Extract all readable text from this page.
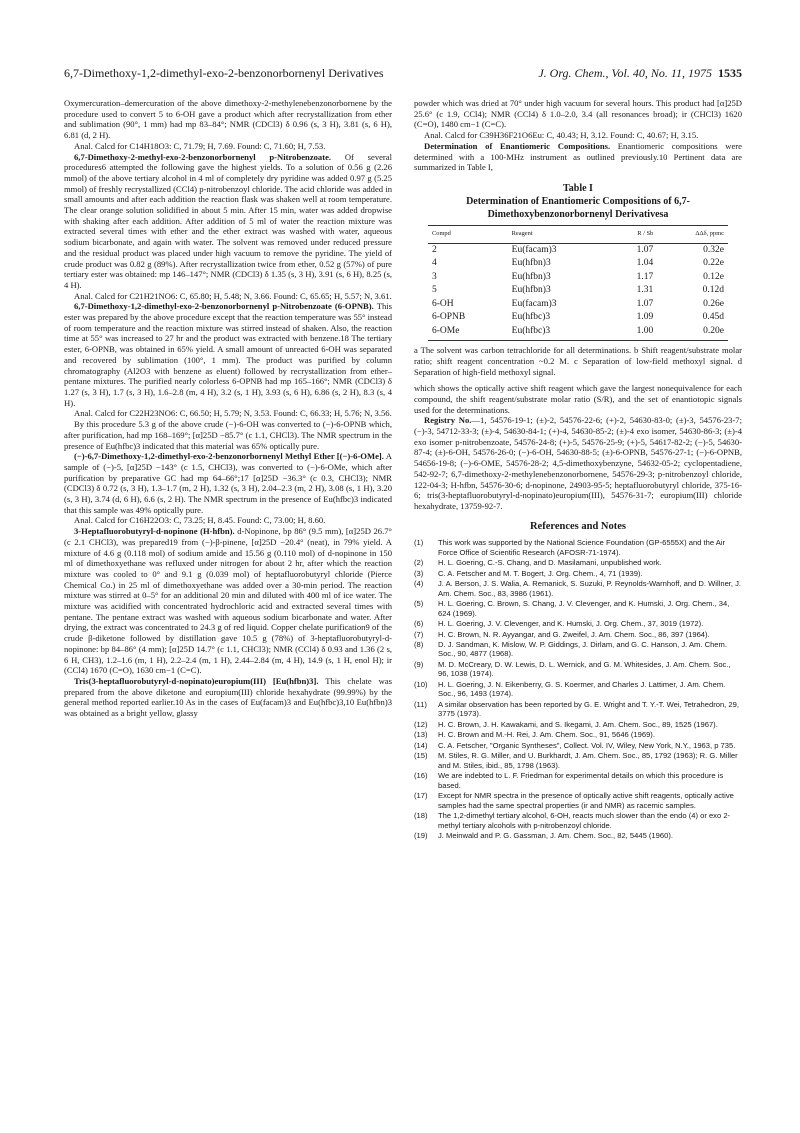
6,7-Dimethoxy-1,2-dimethyl-exo-2-benzonorbornenyl Derivatives	J. Org. Chem., Vol. 40, No. 11, 1975 1535

Oxymercuration–demercuration of the above dimethoxy-2-methylenebenzonorbornene by the procedure used to convert 5 to 6-OH gave a product which after recrystallization from ether and sublimation (90°, 1 mm) had mp 83–84°; NMR (CDCl3) δ 0.96 (s, 3 H), 3.81 (s, 6 H), 6.81 (d, 2 H).

Anal. Calcd for C14H18O3: C, 71.79; H, 7.69. Found: C, 71.60; H, 7.53.

6,7-Dimethoxy-2-methyl-exo-2-benzonorbornenyl p-Nitrobenzoate. Of several procedures6 attempted the following gave the highest yields. To a solution of 0.56 g (2.26 mmol) of the above tertiary alcohol in 4 ml of completely dry pyridine was added 0.97 g (5.25 mmol) of freshly recrystallized (CCl4) p-nitrobenzoyl chloride. The acid chloride was added in small amounts and after each addition the reaction flask was shaken well at room temperature. The clear orange solution solidified in about 5 min. After 15 min, water was added dropwise with shaking after each addition. After addition of 5 ml of water the reaction mixture was extracted several times with ether and the ether extract was washed with water, aqueous sodium bicarbonate, and again with water. The solvent was removed under reduced pressure and the residual product was placed under high vacuum to remove the pyridine. The yield of crude product was 0.82 g (89%). After recrystallization twice from ether, 0.52 g (57%) of pure tertiary ester was obtained: mp 146–147°; NMR (CDCl3) δ 1.35 (s, 3 H), 3.91 (s, 6 H), 8.25 (s, 4 H).

Anal. Calcd for C21H21NO6: C, 65.80; H, 5.48; N, 3.66. Found: C, 65.65; H, 5.57; N, 3.61.

6,7-Dimethoxy-1,2-dimethyl-exo-2-benzonorbornenyl p-Nitrobenzoate (6-OPNB). This ester was prepared by the above procedure except that the reaction temperature was 55° instead of room temperature and the reaction mixture was stirred instead of shaken. Also, the reaction time at 55° was increased to 27 hr and the product was extracted with benzene.18 The tertiary ester, 6-OPNB, was obtained in 65% yield. A small amount of unreacted 6-OH was separated and recovered by sublimation (100°, 1 mm). The product was purified by column chromatography (Al2O3 with benzene as eluent) followed by recrystallization from ether–pentane mixtures. The purified nearly colorless 6-OPNB had mp 165–166°; NMR (CDCl3) δ 1.27 (s, 3 H), 1.7 (s, 3 H), 1.6–2.8 (m, 4 H), 3.2 (s, 1 H), 3.93 (s, 6 H), 6.86 (s, 2 H), 8.3 (s, 4 H).

Anal. Calcd for C22H23NO6: C, 66.50; H, 5.79; N, 3.53. Found: C, 66.33; H, 5.76; N, 3.56.

By this procedure 5.3 g of the above crude (−)-6-OH was converted to (−)-6-OPNB which, after purification, had mp 168–169°; [α]25D −85.7° (c 1.1, CHCl3). The NMR spectrum in the presence of Eu(hfbc)3 indicated that this material was 65% optically pure.

(−)-6,7-Dimethoxy-1,2-dimethyl-exo-2-benzonorbornenyl Methyl Ether [(−)-6-OMe]. A sample of (−)-5, [α]25D −143° (c 1.5, CHCl3), was converted to (−)-6-OMe, which after purification by preparative GC had mp 64–66°;17 [α]25D −36.3° (c 0.3, CHCl3); NMR (CDCl3) δ 0.72 (s, 3 H), 1.3–1.7 (m, 2 H), 1.32 (s, 3 H), 2.04–2.3 (m, 2 H), 3.08 (s, 1 H), 3.20 (s, 3 H), 3.74 (d, 6 H), 6.6 (s, 2 H). The NMR spectrum in the presence of Eu(hfbc)3 indicated that this sample was 49% optically pure.

Anal. Calcd for C16H22O3: C, 73.25; H, 8.45. Found: C, 73.00; H, 8.60.

3-Heptafluorobutyryl-d-nopinone (H-hfbn). d-Nopinone, bp 86° (9.5 mm), [α]25D 26.7° (c 2.1 CHCl3), was prepared19 from (−)-β-pinene, [α]25D −20.4° (neat), in 79% yield. A mixture of 4.6 g (0.118 mol) of sodium amide and 15.56 g (0.110 mol) of d-nopinone in 150 ml of dimethoxyethane was refluxed under nitrogen for about 2 hr, after which the reaction mixture was cooled to 0° and 9.1 g (0.039 mol) of heptafluorobutyryl chloride (Pierce Chemical Co.) in 25 ml of dimethoxyethane was added over a 30-min period. The reaction mixture was stirred at 0–5° for an additional 20 min and diluted with 400 ml of ice water. The mixture was acidified with concentrated hydrochloric acid and extracted several times with pentane. The pentane extract was washed with aqueous sodium bicarbonate and water. After drying, the extract was concentrated to 24.3 g of red liquid. Copper chelate purification9 of the crude β-diketone followed by distillation gave 10.5 g (78%) of 3-heptafluorobutyryl-d-nopinone: bp 84–86° (4 mm); [α]25D 14.7° (c 1.1, CHCl3); NMR (CCl4) δ 0.93 and 1.36 (2 s, 6 H, CH3), 1.2–1.6 (m, 1 H), 2.2–2.4 (m, 1 H), 2.44–2.84 (m, 4 H), 14.9 (s, 1 H, enol H); ir (CCl4) 1670 (C=O), 1630 cm−1 (C=C).

Tris(3-heptafluorobutyryl-d-nopinato)europium(III) [Eu(hfbn)3]. This chelate was prepared from the above diketone and europium(III) chloride hexahydrate (99.99%) by the general method reported earlier.10 As in the cases of Eu(facam)3 and Eu(hfbc)3,10 Eu(hfbn)3 was obtained as a bright yellow, glassy

powder which was dried at 70° under high vacuum for several hours. This product had [α]25D 25.6° (c 1.9, CCl4); NMR (CCl4) δ 1.0–2.0, 3.4 (all resonances broad); ir (CHCl3) 1620 (C=O), 1480 cm−1 (C=C).

Anal. Calcd for C39H36F21O6Eu: C, 40.43; H, 3.12. Found: C, 40.67; H, 3.15.

Determination of Enantiomeric Compositions. Enantiomeric compositions were determined with a 100-MHz instrument as outlined previously.10 Pertinent data are summarized in Table I,

Table I
Determination of Enantiomeric Compositions of 6,7-Dimethoxybenzonorbornenyl Derivativesa
Compd	Reagent	R / Sb	ΔΔδ, ppmc
2	Eu(facam)3	1.07	0.32e
4	Eu(hfbn)3	1.04	0.22e
3	Eu(hfbn)3	1.17	0.12e
5	Eu(hfbn)3	1.31	0.12d
6-OH	Eu(facam)3	1.07	0.26e
6-OPNB	Eu(hfbc)3	1.09	0.45d
6-OMe	Eu(hfbc)3	1.00	0.20e
a The solvent was carbon tetrachloride for all determinations. b Shift reagent/substrate molar ratio; shift reagent concentration ~0.2 M. c Separation of low-field methoxyl signal. d Separation of high-field methoxyl signal.

which shows the optically active shift reagent which gave the largest nonequivalence for each compound, the shift reagent/substrate molar ratio (S/R), and the set of enantiotopic signals used for the determinations.

Registry No.—1, 54576-19-1; (±)-2, 54576-22-6; (+)-2, 54630-83-0; (±)-3, 54576-23-7; (−)-3, 54712-33-3; (±)-4, 54630-84-1; (+)-4, 54630-85-2; (±)-4 exo isomer, 54630-86-3; (±)-4 exo isomer p-nitrobenzoate, 54576-24-8; (+)-5, 54576-25-9; (+)-5, 54617-82-2; (−)-5, 54630-87-4; (±)-6-OH, 54576-26-0; (−)-6-OH, 54630-88-5; (±)-6-OPNB, 54576-27-1; (−)-6-OPNB, 54656-19-8; (−)-6-OME, 54576-28-2; 4,5-dimethoxybenzyne, 54632-05-2; cyclopentadiene, 542-92-7; 6,7-dimethoxy-2-methylenebenzonorbornene, 54576-29-3; p-nitrobenzoyl chloride, 122-04-3; H-hfbn, 54576-30-6; d-nopinone, 24903-95-5; heptafluorobutyryl chloride, 375-16-6; tris(3-heptafluorobutyryl-d-nopinato)europium(III), 54576-31-7; europium(III) chloride hexahydrate, 13759-92-7.

References and Notes
(1) This work was supported by the National Science Foundation (GP-6555X) and the Air Force Office of Scientific Research (AFOSR-71-1974).
(2) H. L. Goering, C.-S. Chang, and D. Masilamani, unpublished work.
(3) C. A. Fetscher and M. T. Bogert, J. Org. Chem., 4, 71 (1939).
(4) J. A. Berson, J. S. Walia, A. Remanick, S. Suzuki, P. Reynolds-Warnhoff, and D. Willner, J. Am. Chem. Soc., 83, 3986 (1961).
(5) H. L. Goering, C. Brown, S. Chang, J. V. Clevenger, and K. Humski, J. Org. Chem., 34, 624 (1969).
(6) H. L. Goering, J. V. Clevenger, and K. Humski, J. Org. Chem., 37, 3019 (1972).
(7) H. C. Brown, N. R. Ayyangar, and G. Zweifel, J. Am. Chem. Soc., 86, 397 (1964).
(8) D. J. Sandman, K. Mislow, W. P. Giddings, J. Dirlam, and G. C. Hanson, J. Am. Chem. Soc., 90, 4877 (1968).
(9) M. D. McCreary, D. W. Lewis, D. L. Wernick, and G. M. Whitesides, J. Am. Chem. Soc., 96, 1038 (1974).
(10) H. L. Goering, J. N. Eikenberry, G. S. Koermer, and Charles J. Lattimer, J. Am. Chem. Soc., 96, 1493 (1974).
(11) A similar observation has been reported by G. E. Wright and T. Y.-T. Wei, Tetrahedron, 29, 3775 (1973).
(12) H. C. Brown, J. H. Kawakami, and S. Ikegami, J. Am. Chem. Soc., 89, 1525 (1967).
(13) H. C. Brown and M.-H. Rei, J. Am. Chem. Soc., 91, 5646 (1969).
(14) C. A. Fetscher, "Organic Syntheses", Collect. Vol. IV, Wiley, New York, N.Y., 1963, p 735.
(15) M. Stiles, R. G. Miller, and U. Burkhardt, J. Am. Chem. Soc., 85, 1792 (1963); R. G. Miller and M. Stiles, ibid., 85, 1798 (1963).
(16) We are indebted to L. F. Friedman for experimental details on which this procedure is based.
(17) Except for NMR spectra in the presence of optically active shift reagents, optically active samples had the same spectral properties (ir and NMR) as racemic samples.
(18) The 1,2-dimethyl tertiary alcohol, 6-OH, reacts much slower than the endo (4) or exo 2-methyl tertiary alcohols with p-nitrobenzoyl chloride.
(19) J. Meinwald and P. G. Gassman, J. Am. Chem. Soc., 82, 5445 (1960).
